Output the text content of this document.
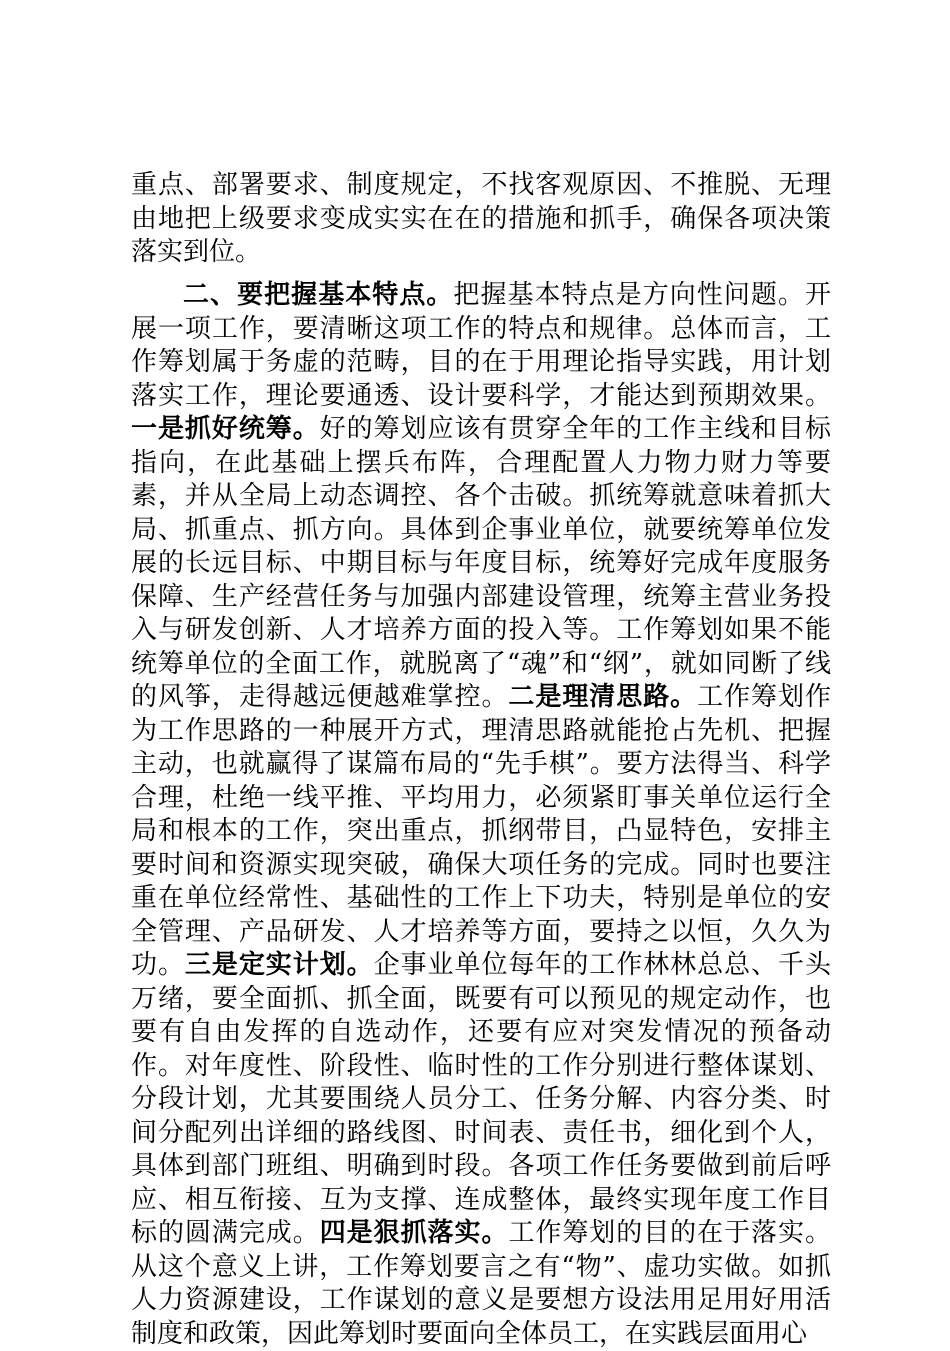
重点、部署要求、制度规定，不找客观原因、不推脱、无理由地把上级要求变成实实在在的措施和抓手，确保各项决策落实到位。

二、要把握基本特点。把握基本特点是方向性问题。开展一项工作，要清晰这项工作的特点和规律。总体而言，工作筹划属于务虚的范畴，目的在于用理论指导实践，用计划落实工作，理论要通透、设计要科学，才能达到预期效果。一是抓好统筹。好的筹划应该有贯穿全年的工作主线和目标指向，在此基础上摆兵布阵，合理配置人力物力财力等要素，并从全局上动态调控、各个击破。抓统筹就意味着抓大局、抓重点、抓方向。具体到企事业单位，就要统筹单位发展的长远目标、中期目标与年度目标，统筹好完成年度服务保障、生产经营任务与加强内部建设管理，统筹主营业务投入与研发创新、人才培养方面的投入等。工作筹划如果不能统筹单位的全面工作，就脱离了“魂”和“纲”，就如同断了线的风筝，走得越远便越难掌控。二是理清思路。工作筹划作为工作思路的一种展开方式，理清思路就能抢占先机、把握主动，也就赢得了谋篇布局的“先手棋”。要方法得当、科学合理，杜绝一线平推、平均用力，必须紧盯事关单位运行全局和根本的工作，突出重点，抓纲带目，凸显特色，安排主要时间和资源实现突破，确保大项任务的完成。同时也要注重在单位经常性、基础性的工作上下功夫，特别是单位的安全管理、产品研发、人才培养等方面，要持之以恒，久久为功。三是定实计划。企事业单位每年的工作林林总总、千头万绪，要全面抓、抓全面，既要有可以预见的规定动作，也要有自由发挥的自选动作，还要有应对突发情况的预备动作。对年度性、阶段性、临时性的工作分别进行整体谋划、分段计划，尤其要围绕人员分工、任务分解、内容分类、时间分配列出详细的路线图、时间表、责任书，细化到个人，具体到部门班组、明确到时段。各项工作任务要做到前后呼应、相互衔接、互为支撑、连成整体，最终实现年度工作目标的圆满完成。四是狠抓落实。工作筹划的目的在于落实。从这个意义上讲，工作筹划要言之有“物”、虚功实做。如抓人力资源建设，工作谋划的意义是要想方设法用足用好用活制度和政策，因此筹划时要面向全体员工，在实践层面用心
